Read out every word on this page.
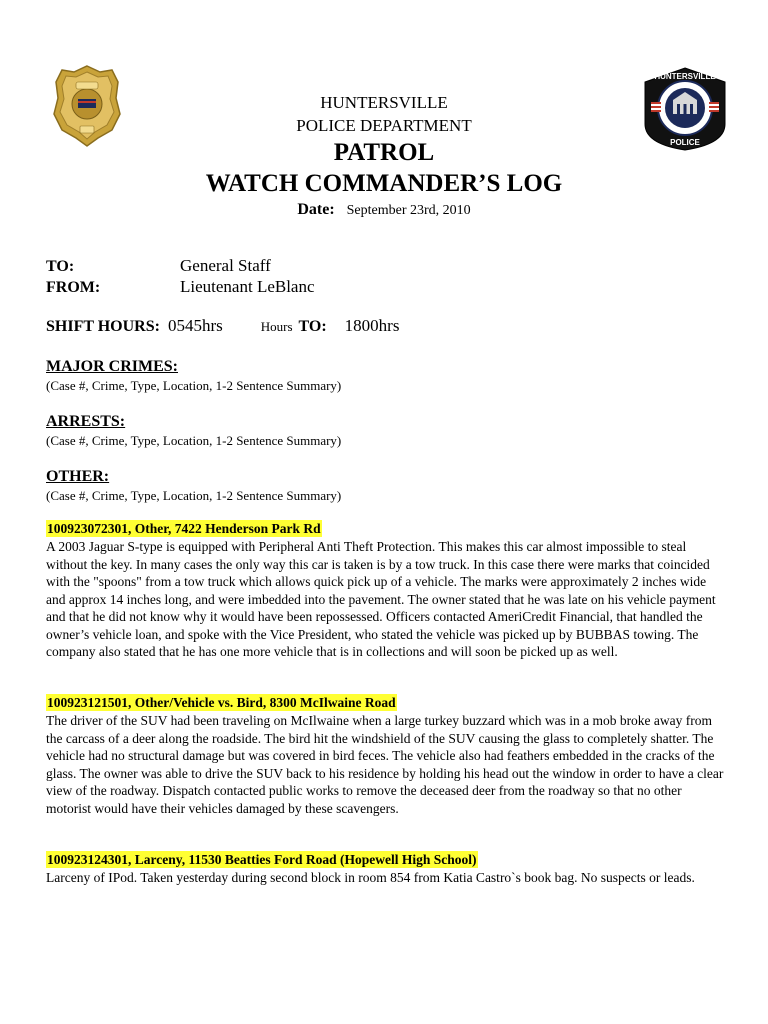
HUNTERSVILLE
POLICE
HUNTERSVILLE
POLICE DEPARTMENT
PATROL
WATCH COMMANDER’S LOG
Date: September 23rd, 2010
TO:	General Staff
FROM:	Lieutenant LeBlanc
SHIFT HOURS: 0545hrs	Hours TO: 1800hrs
MAJOR CRIMES:
(Case #, Crime, Type, Location, 1-2 Sentence Summary)
ARRESTS:
(Case #, Crime, Type, Location, 1-2 Sentence Summary)
OTHER:
(Case #, Crime, Type, Location, 1-2 Sentence Summary)
100923072301, Other, 7422 Henderson Park Rd

A 2003 Jaguar S-type is equipped with Peripheral Anti Theft Protection. This makes this car almost impossible to steal without the key. In many cases the only way this car is taken is by a tow truck. In this case there were marks that coincided with the "spoons" from a tow truck which allows quick pick up of a vehicle. The marks were approximately 2 inches wide and approx 14 inches long, and were imbedded into the pavement. The owner stated that he was late on his vehicle payment and that he did not know why it would have been repossessed. Officers contacted AmeriCredit Financial, that handled the owner’s vehicle loan, and spoke with the Vice President, who stated the vehicle was picked up by BUBBAS towing. The company also stated that he has one more vehicle that is in collections and will soon be picked up as well.

100923121501, Other/Vehicle vs. Bird, 8300 McIlwaine Road

The driver of the SUV had been traveling on McIlwaine when a large turkey buzzard which was in a mob broke away from the carcass of a deer along the roadside. The bird hit the windshield of the SUV causing the glass to completely shatter. The vehicle had no structural damage but was covered in bird feces. The vehicle also had feathers embedded in the cracks of the glass. The owner was able to drive the SUV back to his residence by holding his head out the window in order to have a clear view of the roadway. Dispatch contacted public works to remove the deceased deer from the roadway so that no other motorist would have their vehicles damaged by these scavengers.

100923124301, Larceny, 11530 Beatties Ford Road (Hopewell High School)

Larceny of IPod. Taken yesterday during second block in room 854 from Katia Castro`s book bag. No suspects or leads.
